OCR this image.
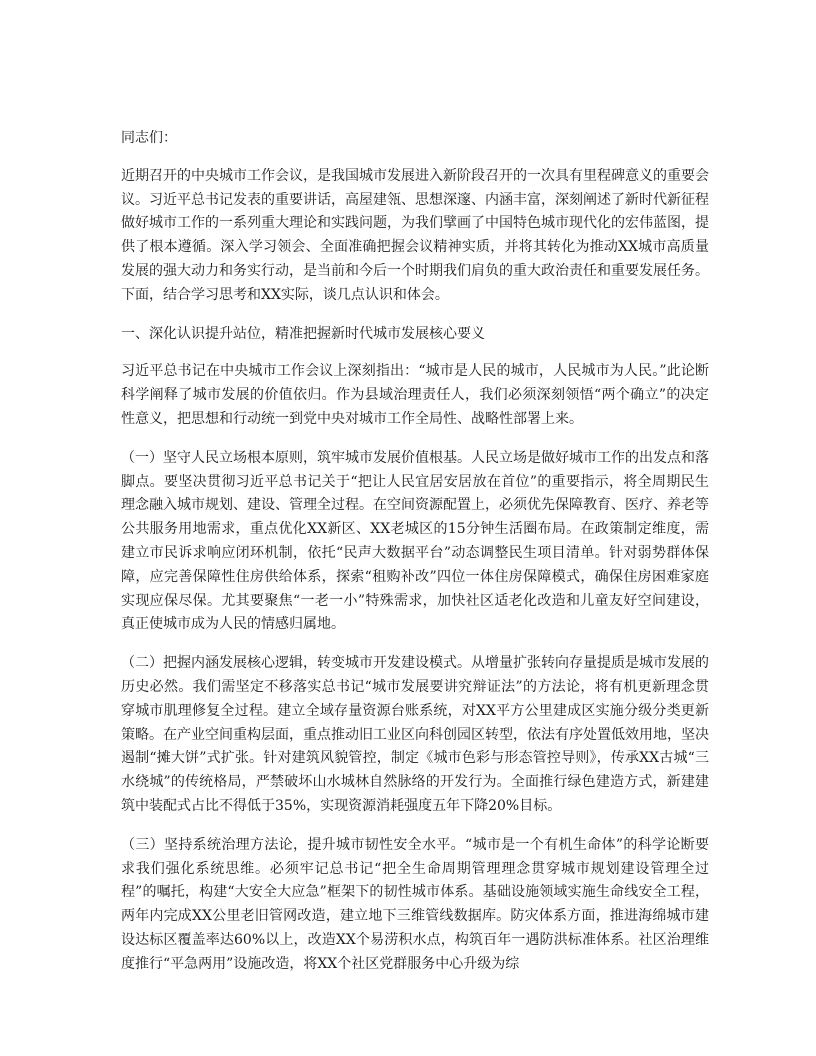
同志们：

近期召开的中央城市工作会议，是我国城市发展进入新阶段召开的一次具有里程碑意义的重要会议。习近平总书记发表的重要讲话，高屋建瓴、思想深邃、内涵丰富，深刻阐述了新时代新征程做好城市工作的一系列重大理论和实践问题，为我们擘画了中国特色城市现代化的宏伟蓝图，提供了根本遵循。深入学习领会、全面准确把握会议精神实质，并将其转化为推动XX城市高质量发展的强大动力和务实行动，是当前和今后一个时期我们肩负的重大政治责任和重要发展任务。下面，结合学习思考和XX实际，谈几点认识和体会。

一、深化认识提升站位，精准把握新时代城市发展核心要义

习近平总书记在中央城市工作会议上深刻指出：“城市是人民的城市，人民城市为人民。”此论断科学阐释了城市发展的价值依归。作为县域治理责任人，我们必须深刻领悟“两个确立”的决定性意义，把思想和行动统一到党中央对城市工作全局性、战略性部署上来。

（一）坚守人民立场根本原则，筑牢城市发展价值根基。人民立场是做好城市工作的出发点和落脚点。要坚决贯彻习近平总书记关于“把让人民宜居安居放在首位”的重要指示，将全周期民生理念融入城市规划、建设、管理全过程。在空间资源配置上，必须优先保障教育、医疗、养老等公共服务用地需求，重点优化XX新区、XX老城区的15分钟生活圈布局。在政策制定维度，需建立市民诉求响应闭环机制，依托“民声大数据平台”动态调整民生项目清单。针对弱势群体保障，应完善保障性住房供给体系，探索“租购补改”四位一体住房保障模式，确保住房困难家庭实现应保尽保。尤其要聚焦“一老一小”特殊需求，加快社区适老化改造和儿童友好空间建设，真正使城市成为人民的情感归属地。

（二）把握内涵发展核心逻辑，转变城市开发建设模式。从增量扩张转向存量提质是城市发展的历史必然。我们需坚定不移落实总书记“城市发展要讲究辩证法”的方法论，将有机更新理念贯穿城市肌理修复全过程。建立全域存量资源台账系统，对XX平方公里建成区实施分级分类更新策略。在产业空间重构层面，重点推动旧工业区向科创园区转型，依法有序处置低效用地，坚决遏制“摊大饼”式扩张。针对建筑风貌管控，制定《城市色彩与形态管控导则》，传承XX古城“三水绕城”的传统格局，严禁破坏山水城林自然脉络的开发行为。全面推行绿色建造方式，新建建筑中装配式占比不得低于35%，实现资源消耗强度五年下降20%目标。

（三）坚持系统治理方法论，提升城市韧性安全水平。“城市是一个有机生命体”的科学论断要求我们强化系统思维。必须牢记总书记“把全生命周期管理理念贯穿城市规划建设管理全过程”的嘱托，构建“大安全大应急”框架下的韧性城市体系。基础设施领域实施生命线安全工程，两年内完成XX公里老旧管网改造，建立地下三维管线数据库。防灾体系方面，推进海绵城市建设达标区覆盖率达60%以上，改造XX个易涝积水点，构筑百年一遇防洪标准体系。社区治理维度推行“平急两用”设施改造，将XX个社区党群服务中心升级为综
